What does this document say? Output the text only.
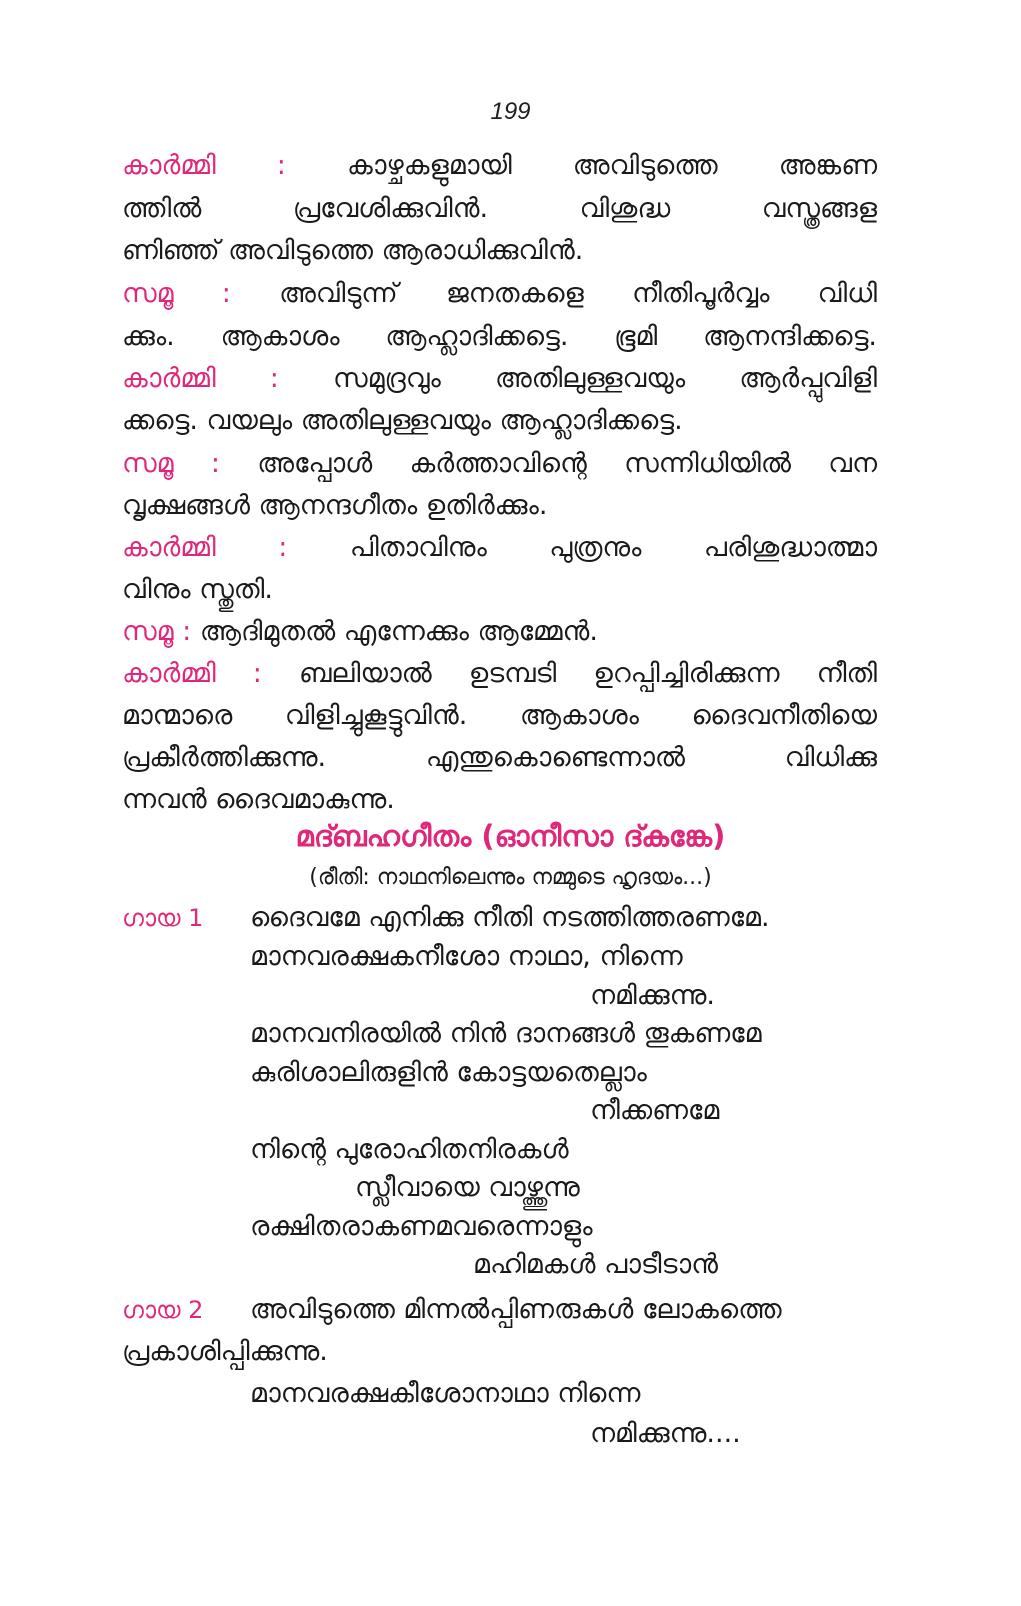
199
കാർമ്മി : കാഴ്ചകളുമായി അവിടുത്തെ അങ്കണ
ത്തിൽ പ്രവേശിക്കുവിൻ. വിശുദ്ധ വസ്ത്രങ്ങള
ണിഞ്ഞ് അവിടുത്തെ ആരാധിക്കുവിൻ.
സമൂ : അവിടുന്ന് ജനതകളെ നീതിപൂർവ്വം വിധി
ക്കും. ആകാശം ആഹ്ലാദിക്കട്ടെ. ഭൂമി ആനന്ദിക്കട്ടെ.
കാർമ്മി : സമുദ്രവും അതിലുള്ളവയും ആർപ്പുവിളി
ക്കട്ടെ. വയലും അതിലുള്ളവയും ആഹ്ലാദിക്കട്ടെ.
സമൂ : അപ്പോൾ കർത്താവിന്റെ സന്നിധിയിൽ വന
വൃക്ഷങ്ങൾ ആനന്ദഗീതം ഉതിർക്കും.
കാർമ്മി : പിതാവിനും പുത്രനും പരിശുദ്ധാത്മാ
വിനും സ്തുതി.
സമൂ : ആദിമുതൽ എന്നേക്കും ആമ്മേൻ.
കാർമ്മി : ബലിയാൽ ഉടമ്പടി ഉറപ്പിച്ചിരിക്കുന്ന നീതി
മാന്മാരെ വിളിച്ചുകൂട്ടുവിൻ. ആകാശം ദൈവനീതിയെ
പ്രകീർത്തിക്കുന്നു. എന്തുകൊണ്ടെന്നാൽ വിധിക്കു
ന്നവൻ ദൈവമാകുന്നു.
മദ്ബഹഗീതം (ഓനീസാ ദ്കങ്കേ)
(രീതി: നാഥനിലെന്നും നമ്മുടെ ഹൃദയം...)
ഗായ 1 ദൈവമേ എനിക്കു നീതി നടത്തിത്തരണമേ.
മാനവരക്ഷകനീശോ നാഥാ, നിന്നെ
നമിക്കുന്നു.
മാനവനിരയിൽ നിൻ ദാനങ്ങൾ തൂകണമേ
കുരിശാലിരുളിൻ കോട്ടയതെല്ലാം
നീക്കണമേ
നിന്റെ പുരോഹിതനിരകൾ
സ്ലീവായെ വാഴ്ത്തുന്നു
രക്ഷിതരാകണമവരെന്നാളും
മഹിമകൾ പാടീടാൻ
ഗായ 2 അവിടുത്തെ മിന്നൽപ്പിണരുകൾ ലോകത്തെ
പ്രകാശിപ്പിക്കുന്നു.
മാനവരക്ഷകീശോനാഥാ നിന്നെ
നമിക്കുന്നു....
